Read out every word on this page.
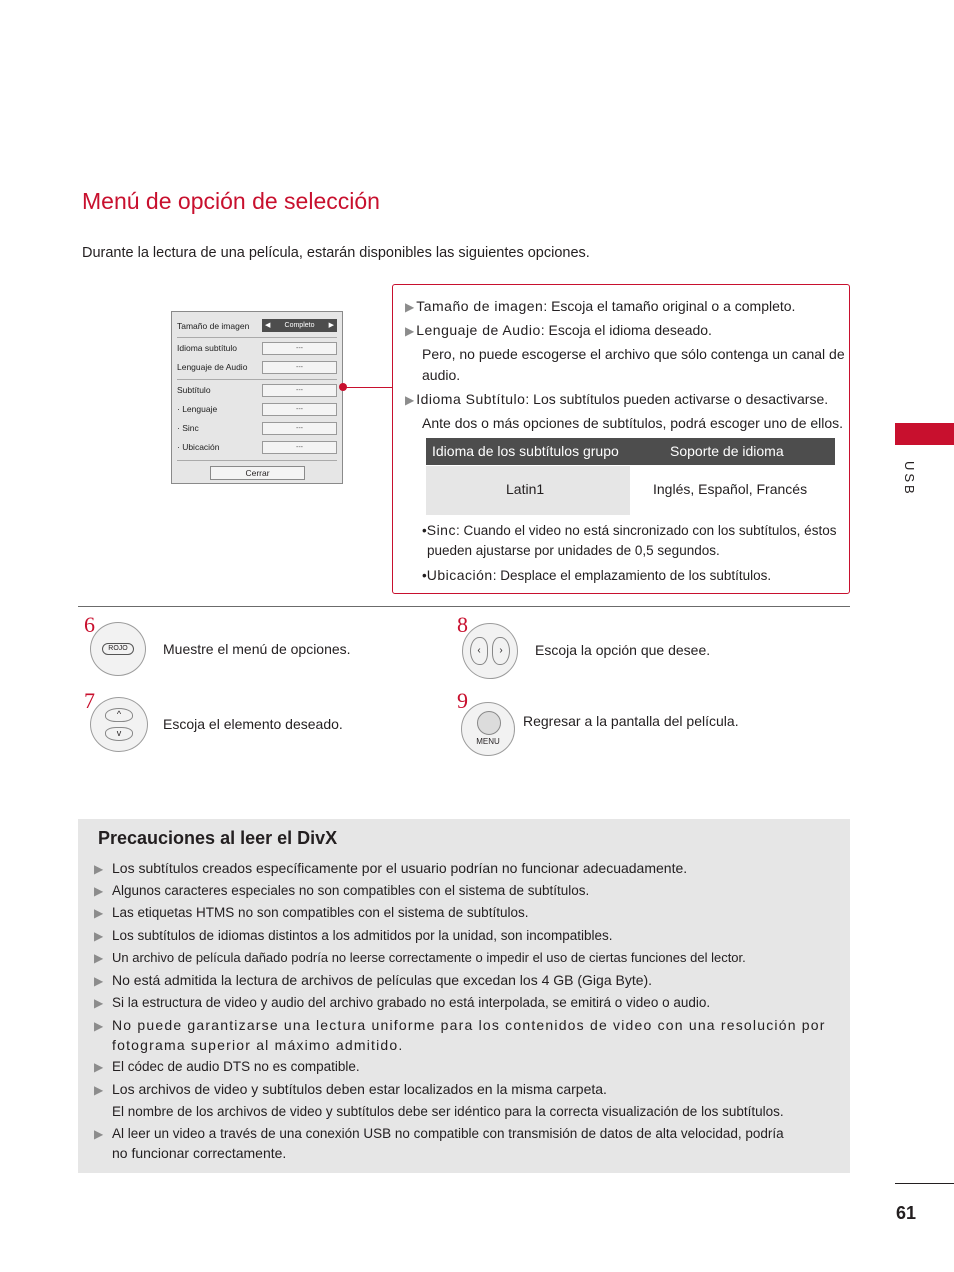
Menú de opción de selección
Durante la lectura de una película, estarán disponibles las siguientes opciones.
Tamaño de imagen ◀ Completo ▶
Idioma subtítulo	---
Lenguaje de Audio	---
Subtítulo	---
· Lenguaje	---
· Sinc	---
· Ubicación	---
Cerrar
▶ Tamaño de imagen: Escoja el tamaño original o a completo.
▶ Lenguaje de Audio: Escoja el idioma deseado.
Pero, no puede escogerse el archivo que sólo contenga un canal de
audio.
▶ Idioma Subtítulo: Los subtítulos pueden activarse o desactivarse.
Ante dos o más opciones de subtítulos, podrá escoger uno de ellos.
Idioma de los subtítulos grupo	Soporte de idioma
Latin1	Inglés, Español, Francés
•Sinc: Cuando el video no está sincronizado con los subtítulos, éstos
pueden ajustarse por unidades de 0,5 segundos.
•Ubicación: Desplace el emplazamiento de los subtítulos.
6
ROJO	Muestre el menú de opciones.
7
^
v
Escoja el elemento deseado.
8
‹	›	Escoja la opción que desee.
9
MENU
Regresar a la pantalla del película.
USB
Precauciones al leer el DivX
▶ Los subtítulos creados específicamente por el usuario podrían no funcionar adecuadamente.
▶ Algunos caracteres especiales no son compatibles con el sistema de subtítulos.
▶ Las etiquetas HTMS no son compatibles con el sistema de subtítulos.
▶ Los subtítulos de idiomas distintos a los admitidos por la unidad, son incompatibles.
▶ Un archivo de película dañado podría no leerse correctamente o impedir el uso de ciertas funciones del lector.
▶ No está admitida la lectura de archivos de películas que excedan los 4 GB (Giga Byte).
▶ Si la estructura de video y audio del archivo grabado no está interpolada, se emitirá o video o audio.
▶ No puede garantizarse una lectura uniforme para los contenidos de video con una resolución por
fotograma superior al máximo admitido.
▶ El códec de audio DTS no es compatible.
▶ Los archivos de video y subtítulos deben estar localizados en la misma carpeta.
El nombre de los archivos de video y subtítulos debe ser idéntico para la correcta visualización de los subtítulos.
▶ Al leer un video a través de una conexión USB no compatible con transmisión de datos de alta velocidad, podría
no funcionar correctamente.
61
